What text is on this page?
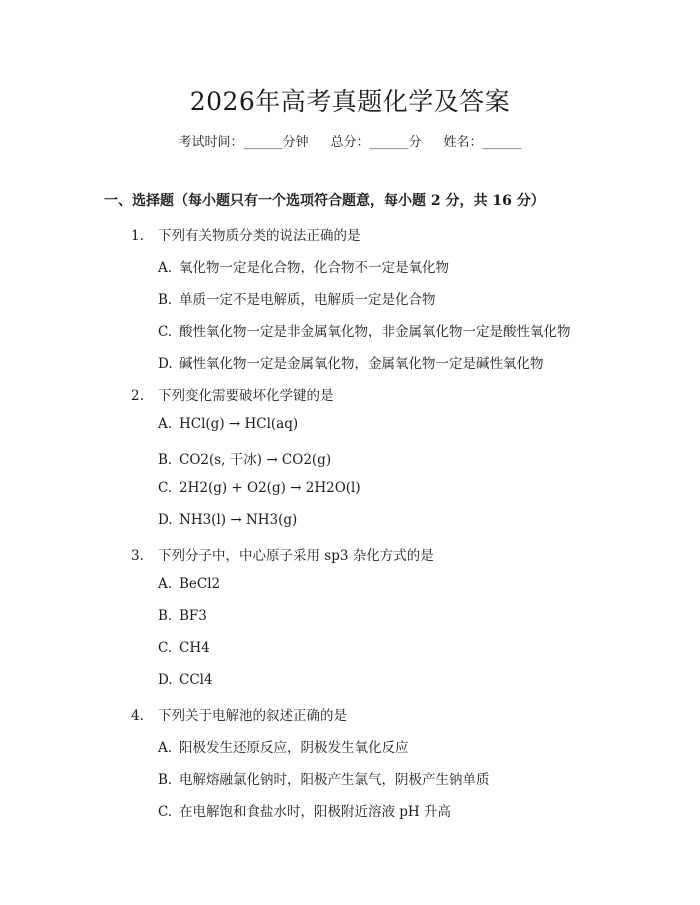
2026年高考真题化学及答案
考试时间：______分钟 总分：______分 姓名：______
一、选择题（每小题只有一个选项符合题意，每小题 2 分，共 16 分）
1. 下列有关物质分类的说法正确的是
A. 氧化物一定是化合物，化合物不一定是氧化物
B. 单质一定不是电解质，电解质一定是化合物
C. 酸性氧化物一定是非金属氧化物，非金属氧化物一定是酸性氧化物
D. 碱性氧化物一定是金属氧化物，金属氧化物一定是碱性氧化物
2. 下列变化需要破坏化学键的是
A. HCl(g) → HCl(aq)
B. CO2(s, 干冰) → CO2(g)
C. 2H2(g) + O2(g) → 2H2O(l)
D. NH3(l) → NH3(g)
3. 下列分子中，中心原子采用 sp3 杂化方式的是
A. BeCl2
B. BF3
C. CH4
D. CCl4
4. 下列关于电解池的叙述正确的是
A. 阳极发生还原反应，阴极发生氧化反应
B. 电解熔融氯化钠时，阳极产生氯气，阴极产生钠单质
C. 在电解饱和食盐水时，阳极附近溶液 pH 升高
